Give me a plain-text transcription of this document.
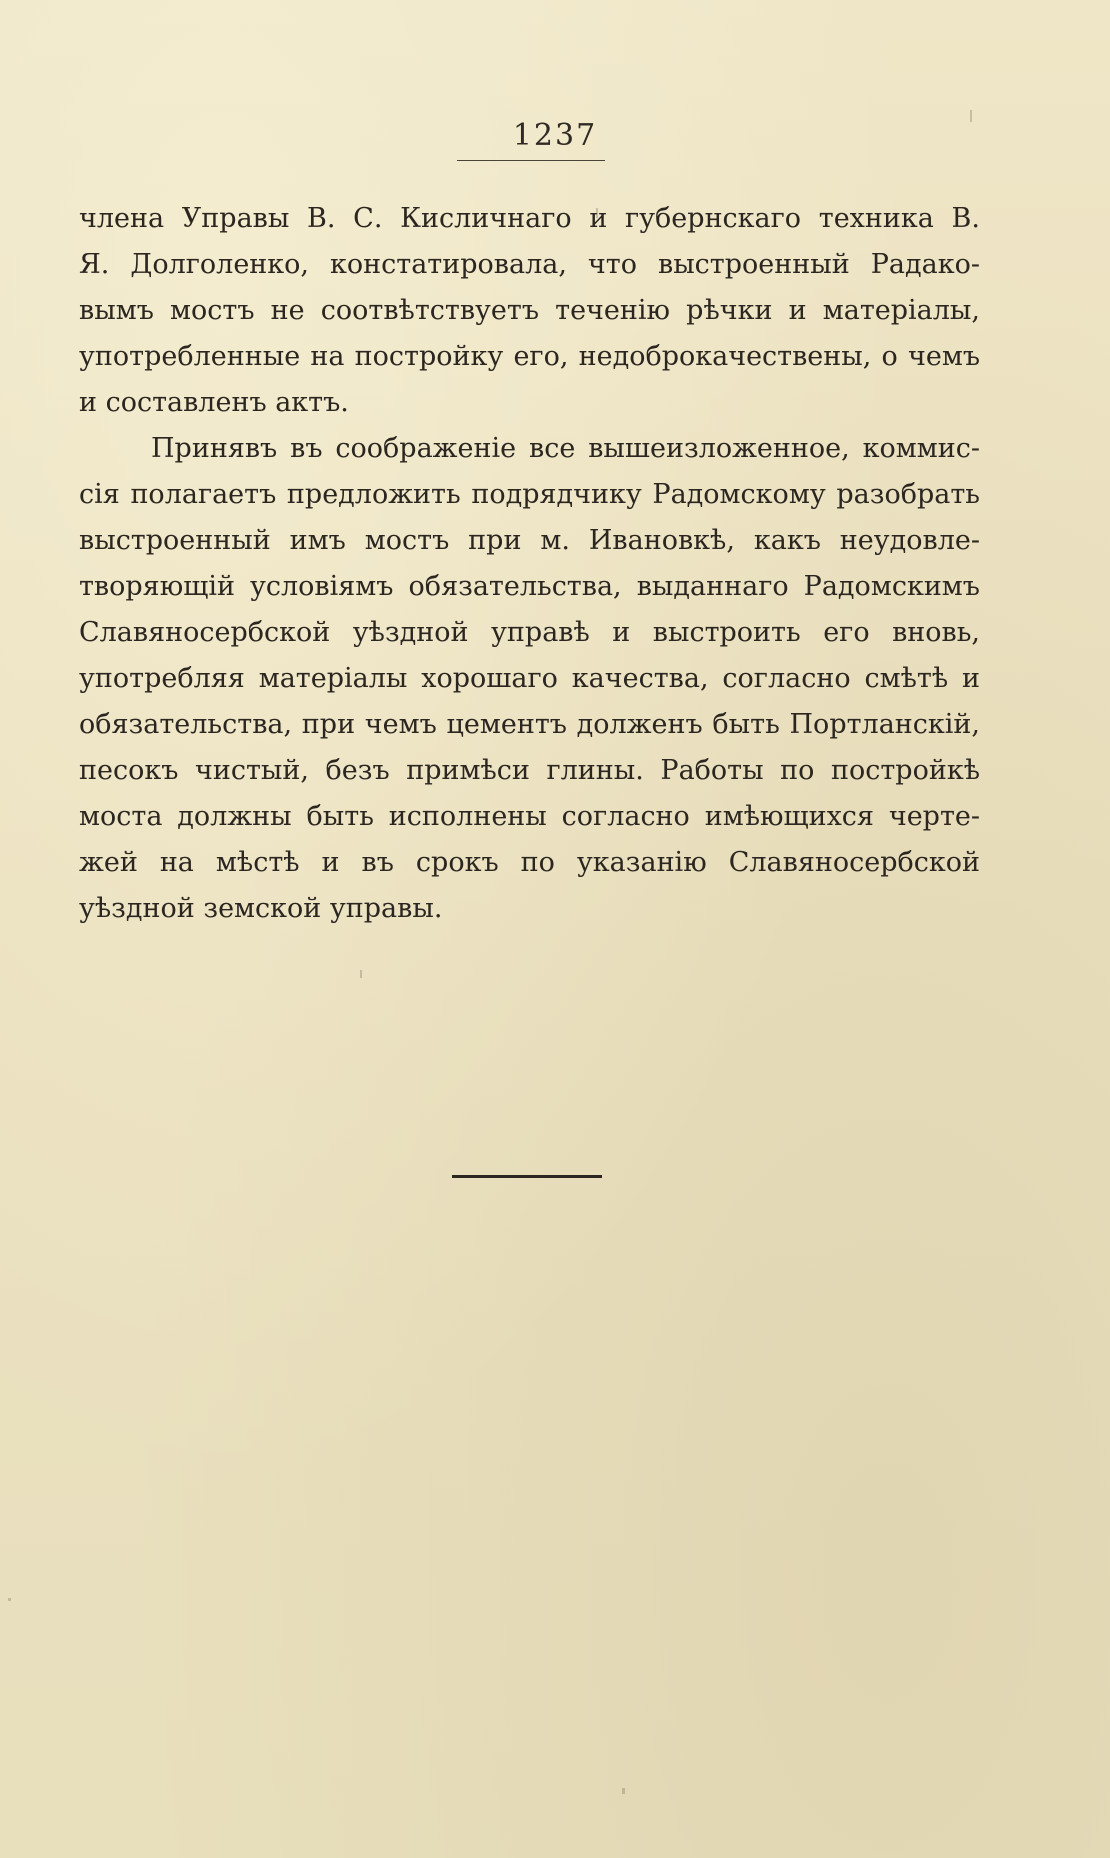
1237
члена Управы В. С. Кисличнаго и губернскаго техника В.
Я. Долголенко, констатировала, что выстроенный Радако-
вымъ мостъ не соотвѣтствуетъ теченію рѣчки и матеріалы,
употребленные на постройку его, недоброкачествены, о чемъ
и составленъ актъ.
Принявъ въ соображеніе все вышеизложенное, коммис-
сія полагаетъ предложить подрядчику Радомскому разобрать
выстроенный имъ мостъ при м. Ивановкѣ, какъ неудовле-
творяющій условіямъ обязательства, выданнаго Радомскимъ
Славяносербской уѣздной управѣ и выстроить его вновь,
употребляя матеріалы хорошаго качества, согласно смѣтѣ и
обязательства, при чемъ цементъ долженъ быть Портланскій,
песокъ чистый, безъ примѣси глины. Работы по постройкѣ
моста должны быть исполнены согласно имѣющихся черте-
жей на мѣстѣ и въ срокъ по указанію Славяносербской
уѣздной земской управы.
